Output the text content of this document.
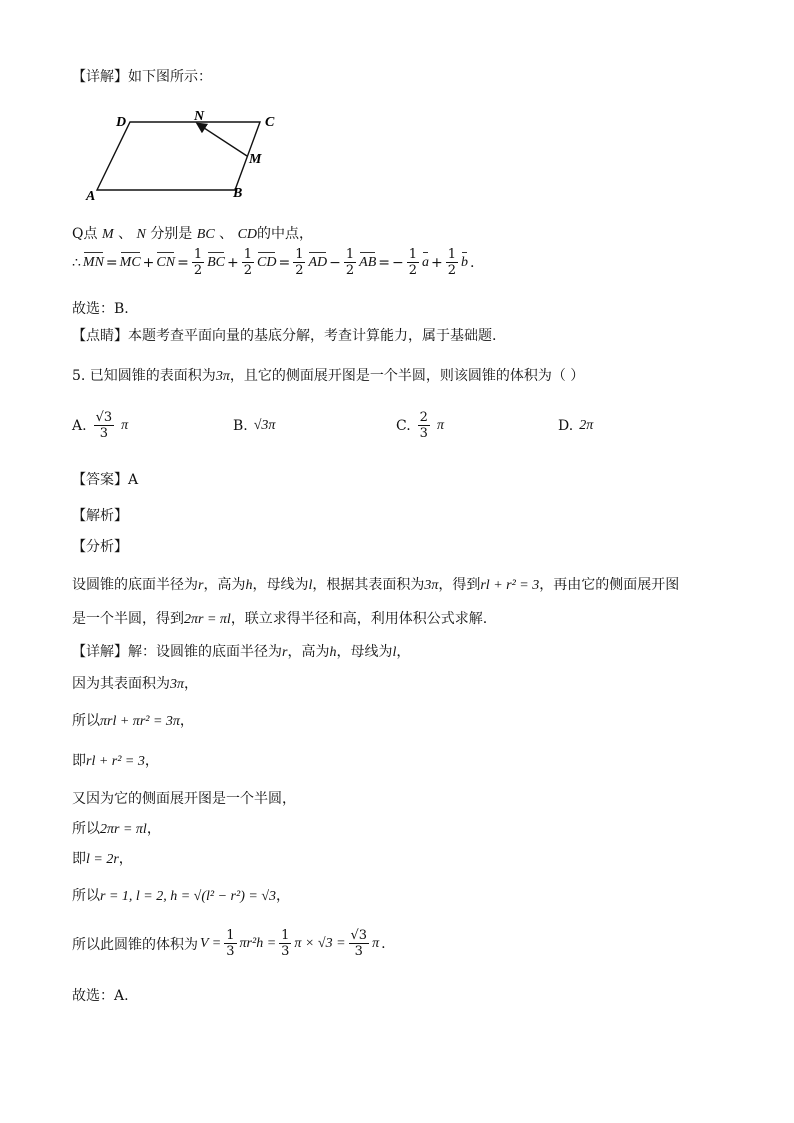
【详解】如下图所示：
D	N	C
M
A	B
Q点 M 、 N 分别是 BC 、 CD的中点，
∴ MN = MC + CN = $\frac{1}{2}$ BC + $\frac{1}{2}$ CD = $\frac{1}{2}$ AD − $\frac{1}{2}$ AB = − $\frac{1}{2}$ $a + \frac{1}{2}$ b .
故选：B.
【点睛】本题考查平面向量的基底分解，考查计算能力，属于基础题.
5. 已知圆锥的表面积为3π，且它的侧面展开图是一个半圆，则该圆锥的体积为（ ）
A. $\frac{√3}{3}$ π	B. √3π	C. $\frac{2}{3}$ π	D. 2π
【答案】A
【解析】
【分析】
设圆锥的底面半径为r，高为h，母线为l，根据其表面积为3π，得到rl + r² = 3，再由它的侧面展开图
是一个半圆，得到2πr = πl，联立求得半径和高，利用体积公式求解.
【详解】解：设圆锥的底面半径为r，高为h，母线为l，
因为其表面积为3π，
所以πrl + πr² = 3π，
即rl + r² = 3，
又因为它的侧面展开图是一个半圆，
所以2πr = πl，
即l = 2r，
所以r = 1, l = 2, h = √(l² − r²) = √3，
所以此圆锥的体积为 $V = \frac{1}{3} \pi r^2h = \frac{1}{3}$ $\pi \times √3 = \frac{√3}{3}$ π .
故选：A.
